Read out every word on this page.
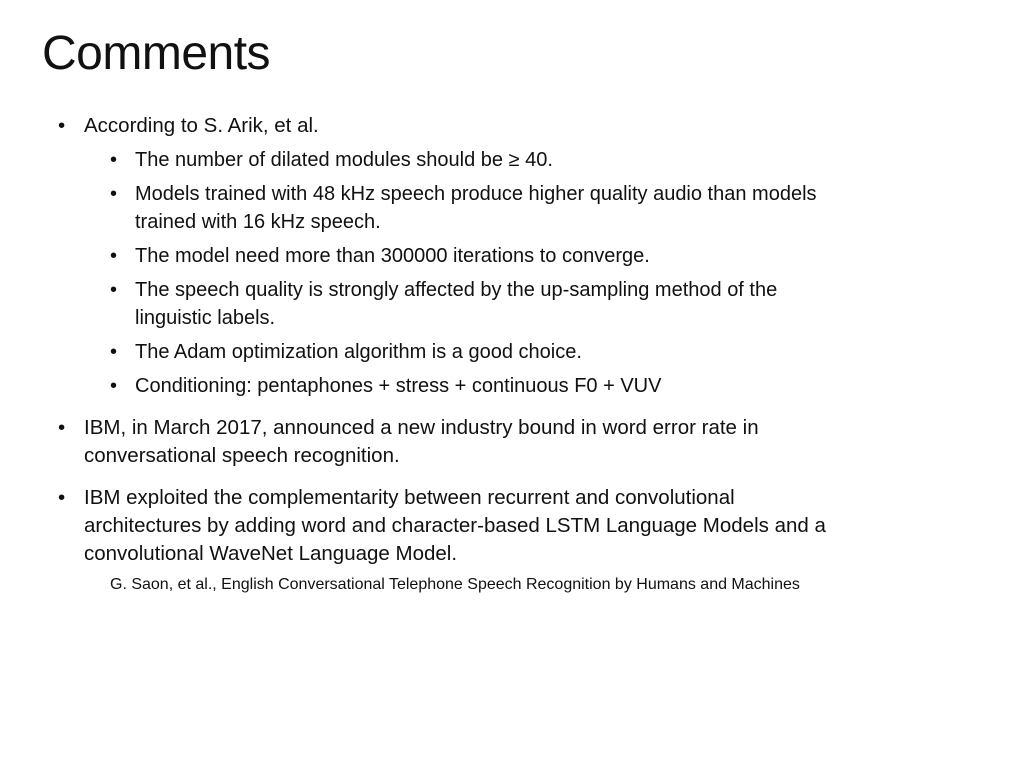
Comments
• According to S. Arik, et al.
• The number of dilated modules should be ≥ 40.
• Models trained with 48 kHz speech produce higher quality audio than models
trained with 16 kHz speech.
• The model need more than 300000 iterations to converge.
• The speech quality is strongly affected by the up-sampling method of the
linguistic labels.
• The Adam optimization algorithm is a good choice.
• Conditioning: pentaphones + stress + continuous F0 + VUV
• IBM, in March 2017, announced a new industry bound in word error rate in
conversational speech recognition.
• IBM exploited the complementarity between recurrent and convolutional
architectures by adding word and character-based LSTM Language Models and a
convolutional WaveNet Language Model.
G. Saon, et al., English Conversational Telephone Speech Recognition by Humans and Machines
